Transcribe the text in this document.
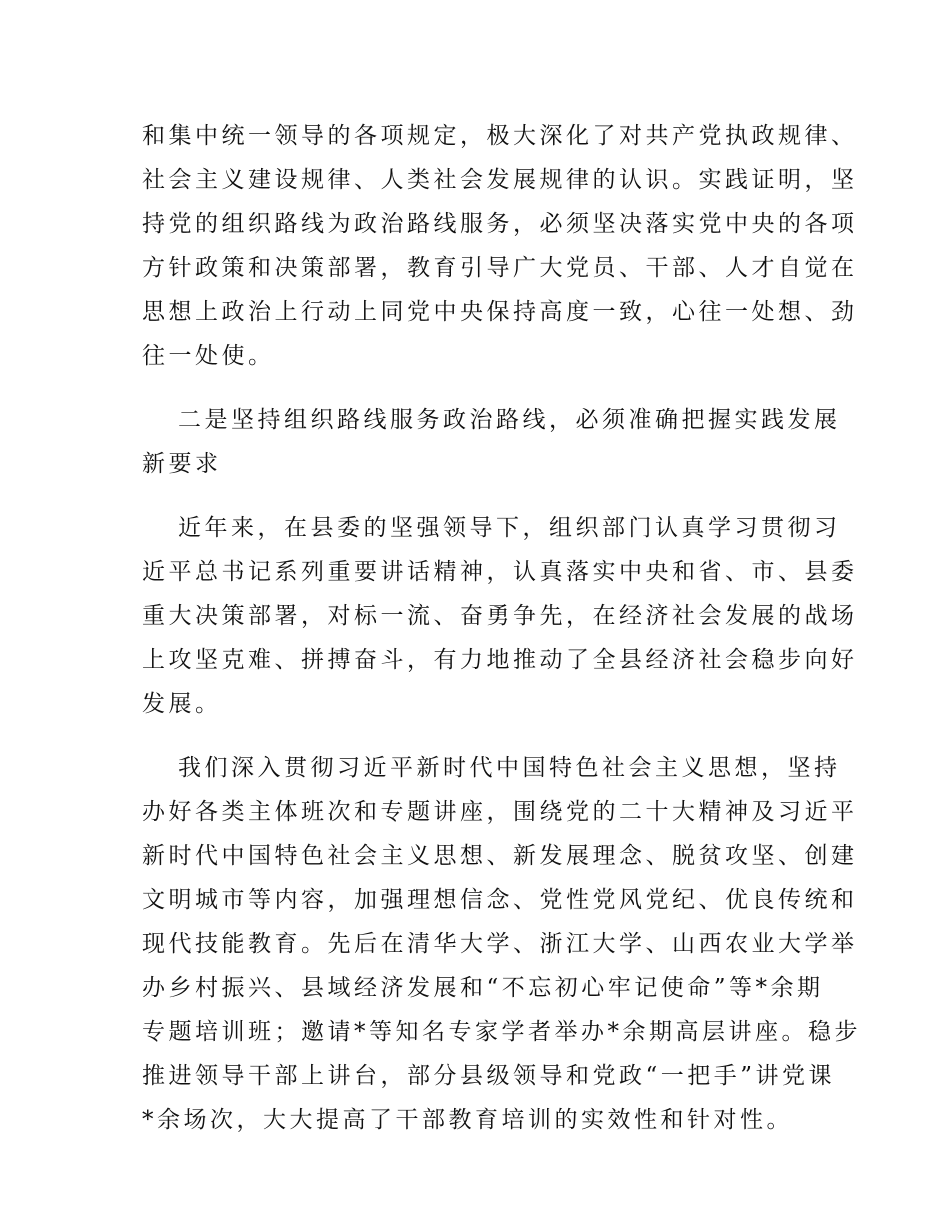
和集中统一领导的各项规定，极大深化了对共产党执政规律、
社会主义建设规律、人类社会发展规律的认识。实践证明，坚
持党的组织路线为政治路线服务，必须坚决落实党中央的各项
方针政策和决策部署，教育引导广大党员、干部、人才自觉在
思想上政治上行动上同党中央保持高度一致，心往一处想、劲
往一处使。
二是坚持组织路线服务政治路线，必须准确把握实践发展
新要求
近年来，在县委的坚强领导下，组织部门认真学习贯彻习
近平总书记系列重要讲话精神，认真落实中央和省、市、县委
重大决策部署，对标一流、奋勇争先，在经济社会发展的战场
上攻坚克难、拼搏奋斗，有力地推动了全县经济社会稳步向好
发展。
我们深入贯彻习近平新时代中国特色社会主义思想，坚持
办好各类主体班次和专题讲座，围绕党的二十大精神及习近平
新时代中国特色社会主义思想、新发展理念、脱贫攻坚、创建
文明城市等内容，加强理想信念、党性党风党纪、优良传统和
现代技能教育。先后在清华大学、浙江大学、山西农业大学举
办乡村振兴、县域经济发展和“不忘初心牢记使命”等*余期
专题培训班；邀请*等知名专家学者举办*余期高层讲座。稳步
推进领导干部上讲台，部分县级领导和党政“一把手”讲党课
*余场次，大大提高了干部教育培训的实效性和针对性。
